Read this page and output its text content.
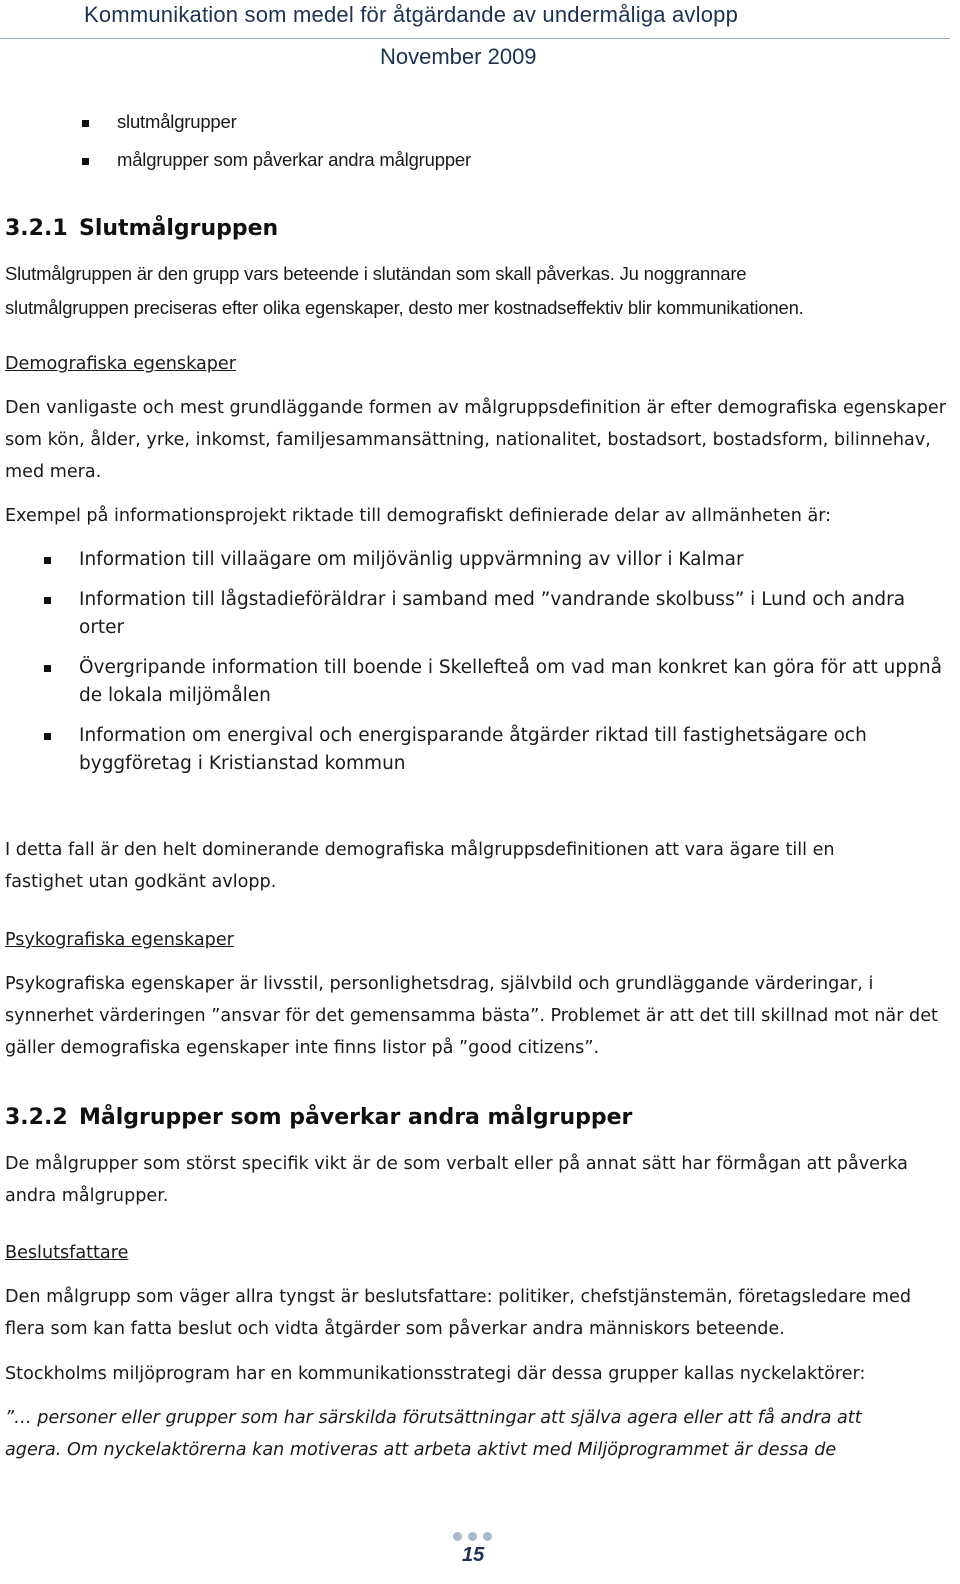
Kommunikation som medel för åtgärdande av undermåliga avlopp
November 2009
slutmålgrupper
målgrupper som påverkar andra målgrupper
3.2.1 Slutmålgruppen
Slutmålgruppen är den grupp vars beteende i slutändan som skall påverkas. Ju noggrannare
slutmålgruppen preciseras efter olika egenskaper, desto mer kostnadseffektiv blir kommunikationen.
Demografiska egenskaper
Den vanligaste och mest grundläggande formen av målgruppsdefinition är efter demografiska egenskaper som kön, ålder, yrke, inkomst, familjesammansättning, nationalitet, bostadsort, bostadsform, bilinnehav, med mera.
Exempel på informationsprojekt riktade till demografiskt definierade delar av allmänheten är:
Information till villaägare om miljövänlig uppvärmning av villor i Kalmar
Information till lågstadieföräldrar i samband med ”vandrande skolbuss” i Lund och andra orter
Övergripande information till boende i Skellefteå om vad man konkret kan göra för att uppnå de lokala miljömålen
Information om energival och energisparande åtgärder riktad till fastighetsägare och byggföretag i Kristianstad kommun
I detta fall är den helt dominerande demografiska målgruppsdefinitionen att vara ägare till en fastighet utan godkänt avlopp.
Psykografiska egenskaper
Psykografiska egenskaper är livsstil, personlighetsdrag, självbild och grundläggande värderingar, i synnerhet värderingen ”ansvar för det gemensamma bästa”. Problemet är att det till skillnad mot när det gäller demografiska egenskaper inte finns listor på ”good citizens”.
3.2.2 Målgrupper som påverkar andra målgrupper
De målgrupper som störst specifik vikt är de som verbalt eller på annat sätt har förmågan att påverka andra målgrupper.
Beslutsfattare
Den målgrupp som väger allra tyngst är beslutsfattare: politiker, chefstjänstemän, företagsledare med flera som kan fatta beslut och vidta åtgärder som påverkar andra människors beteende.
Stockholms miljöprogram har en kommunikationsstrategi där dessa grupper kallas nyckelaktörer:
”… personer eller grupper som har särskilda förutsättningar att själva agera eller att få andra att agera. Om nyckelaktörerna kan motiveras att arbeta aktivt med Miljöprogrammet är dessa de
15
